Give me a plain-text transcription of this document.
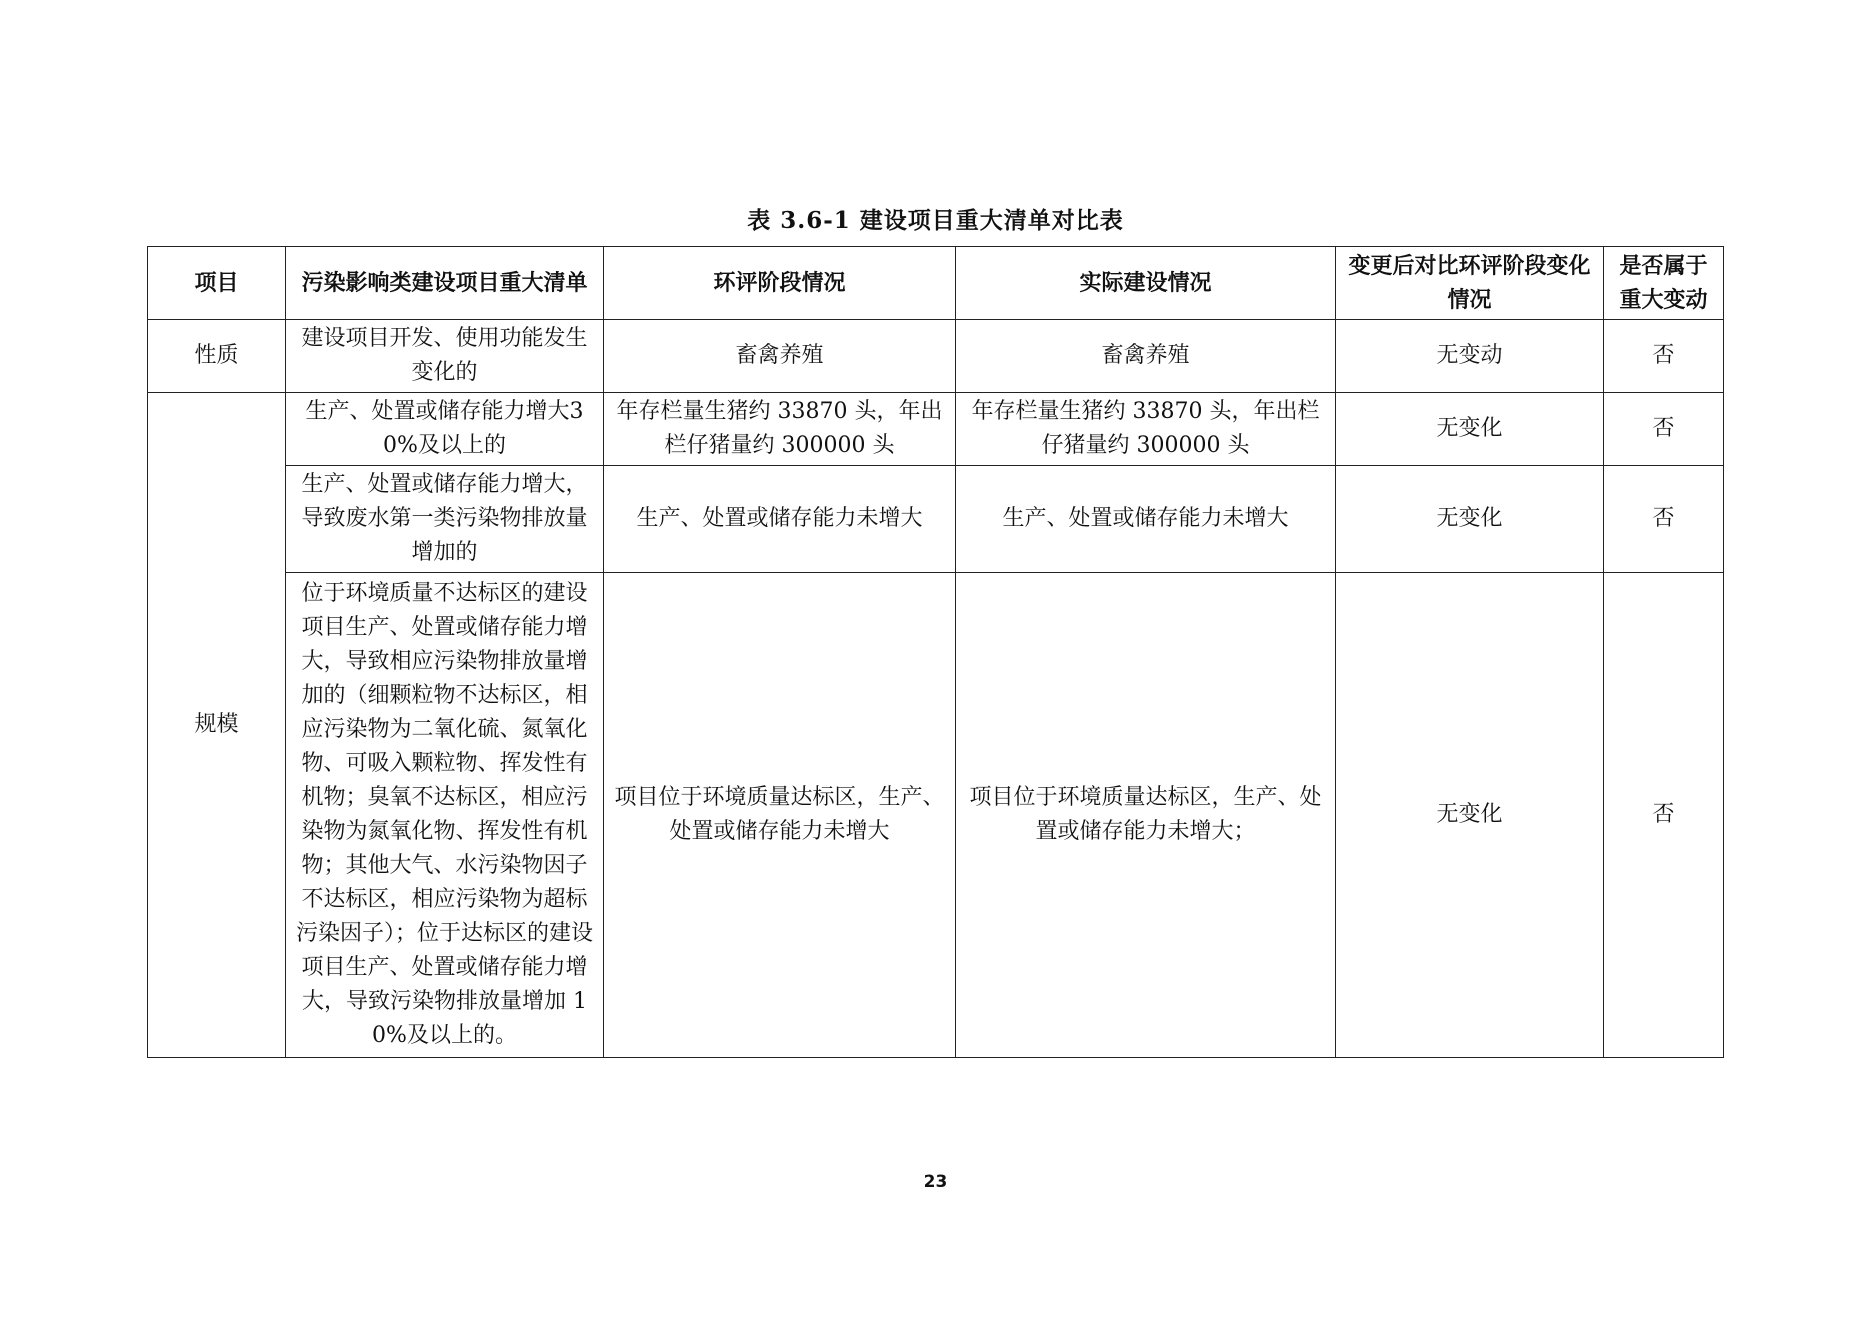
表 3.6-1 建设项目重大清单对比表
项目	污染影响类建设项目重大清单	环评阶段情况	实际建设情况	变更后对比环评阶段变化情况	是否属于重大变动
性质	建设项目开发、使用功能发生变化的	畜禽养殖	畜禽养殖	无变动	否
规模	生产、处置或储存能力增大30%及以上的	年存栏量生猪约 33870 头，年出栏仔猪量约 300000 头	年存栏量生猪约 33870 头，年出栏仔猪量约 300000 头	无变化	否
	生产、处置或储存能力增大，导致废水第一类污染物排放量增加的	生产、处置或储存能力未增大	生产、处置或储存能力未增大	无变化	否
	位于环境质量不达标区的建设项目生产、处置或储存能力增大，导致相应污染物排放量增加的（细颗粒物不达标区，相应污染物为二氧化硫、氮氧化物、可吸入颗粒物、挥发性有机物；臭氧不达标区，相应污染物为氮氧化物、挥发性有机物；其他大气、水污染物因子不达标区，相应污染物为超标污染因子）；位于达标区的建设项目生产、处置或储存能力增大，导致污染物排放量增加 10%及以上的。	项目位于环境质量达标区，生产、处置或储存能力未增大	项目位于环境质量达标区，生产、处置或储存能力未增大；	无变化	否
23
